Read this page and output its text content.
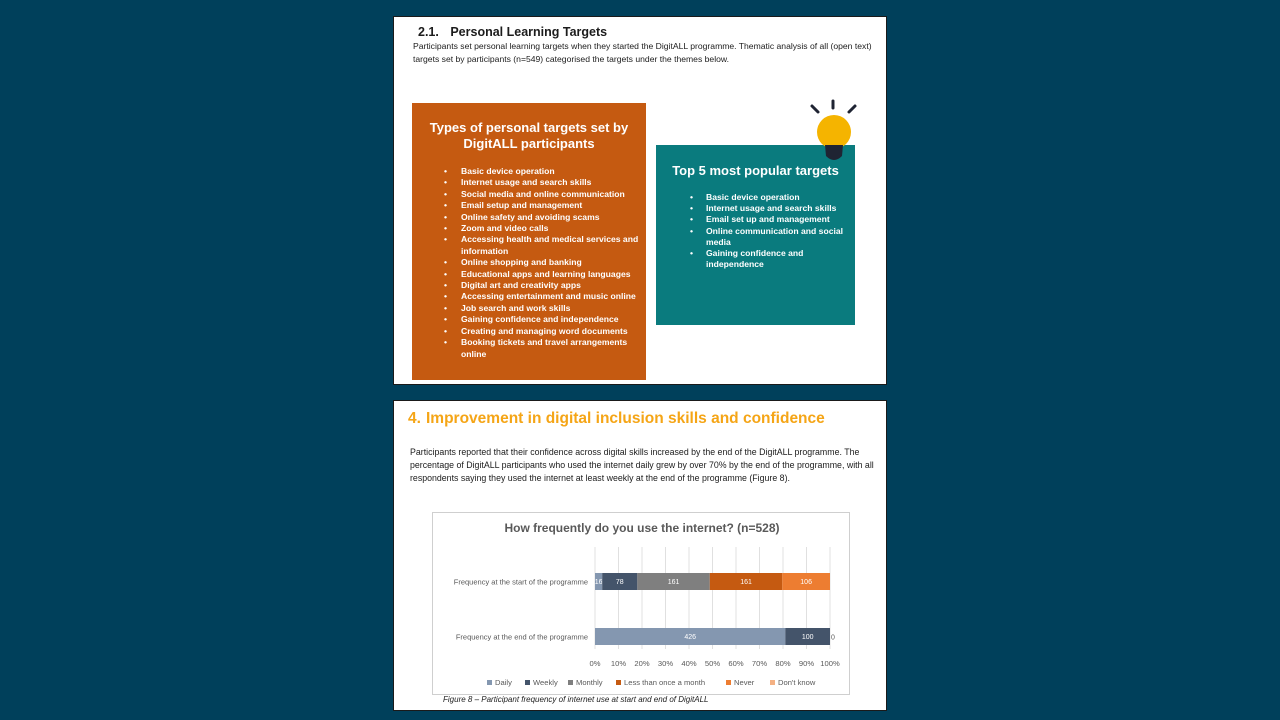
2.1. Personal Learning Targets
Participants set personal learning targets when they started the DigitALL programme. Thematic analysis of all (open text) targets set by participants (n=549) categorised the targets under the themes below.
Types of personal targets set by DigitALL participants
• Basic device operation
• Internet usage and search skills
• Social media and online communication
• Email setup and management
• Online safety and avoiding scams
• Zoom and video calls
• Accessing health and medical services and information
• Online shopping and banking
• Educational apps and learning languages
• Digital art and creativity apps
• Accessing entertainment and music online
• Job search and work skills
• Gaining confidence and independence
• Creating and managing word documents
• Booking tickets and travel arrangements online
Top 5 most popular targets
• Basic device operation
• Internet usage and search skills
• Email set up and management
• Online communication and social media
• Gaining confidence and independence
4. Improvement in digital inclusion skills and confidence
Participants reported that their confidence across digital skills increased by the end of the DigitALL programme. The percentage of DigitALL participants who used the internet daily grew by over 70% by the end of the programme, with all respondents saying they used the internet at least weekly at the end of the programme (Figure 8).
How frequently do you use the internet? (n=528)
0% 10% 20% 30% 40% 50% 60% 70% 80% 90% 100%
Frequency at the start of the programme 16 78	161	161	106
Frequency at the end of the programme	426	100 0
Daily	Weekly Monthly	Less than once a month	Never	Don't know
Figure 8 – Participant frequency of internet use at start and end of DigitALL
